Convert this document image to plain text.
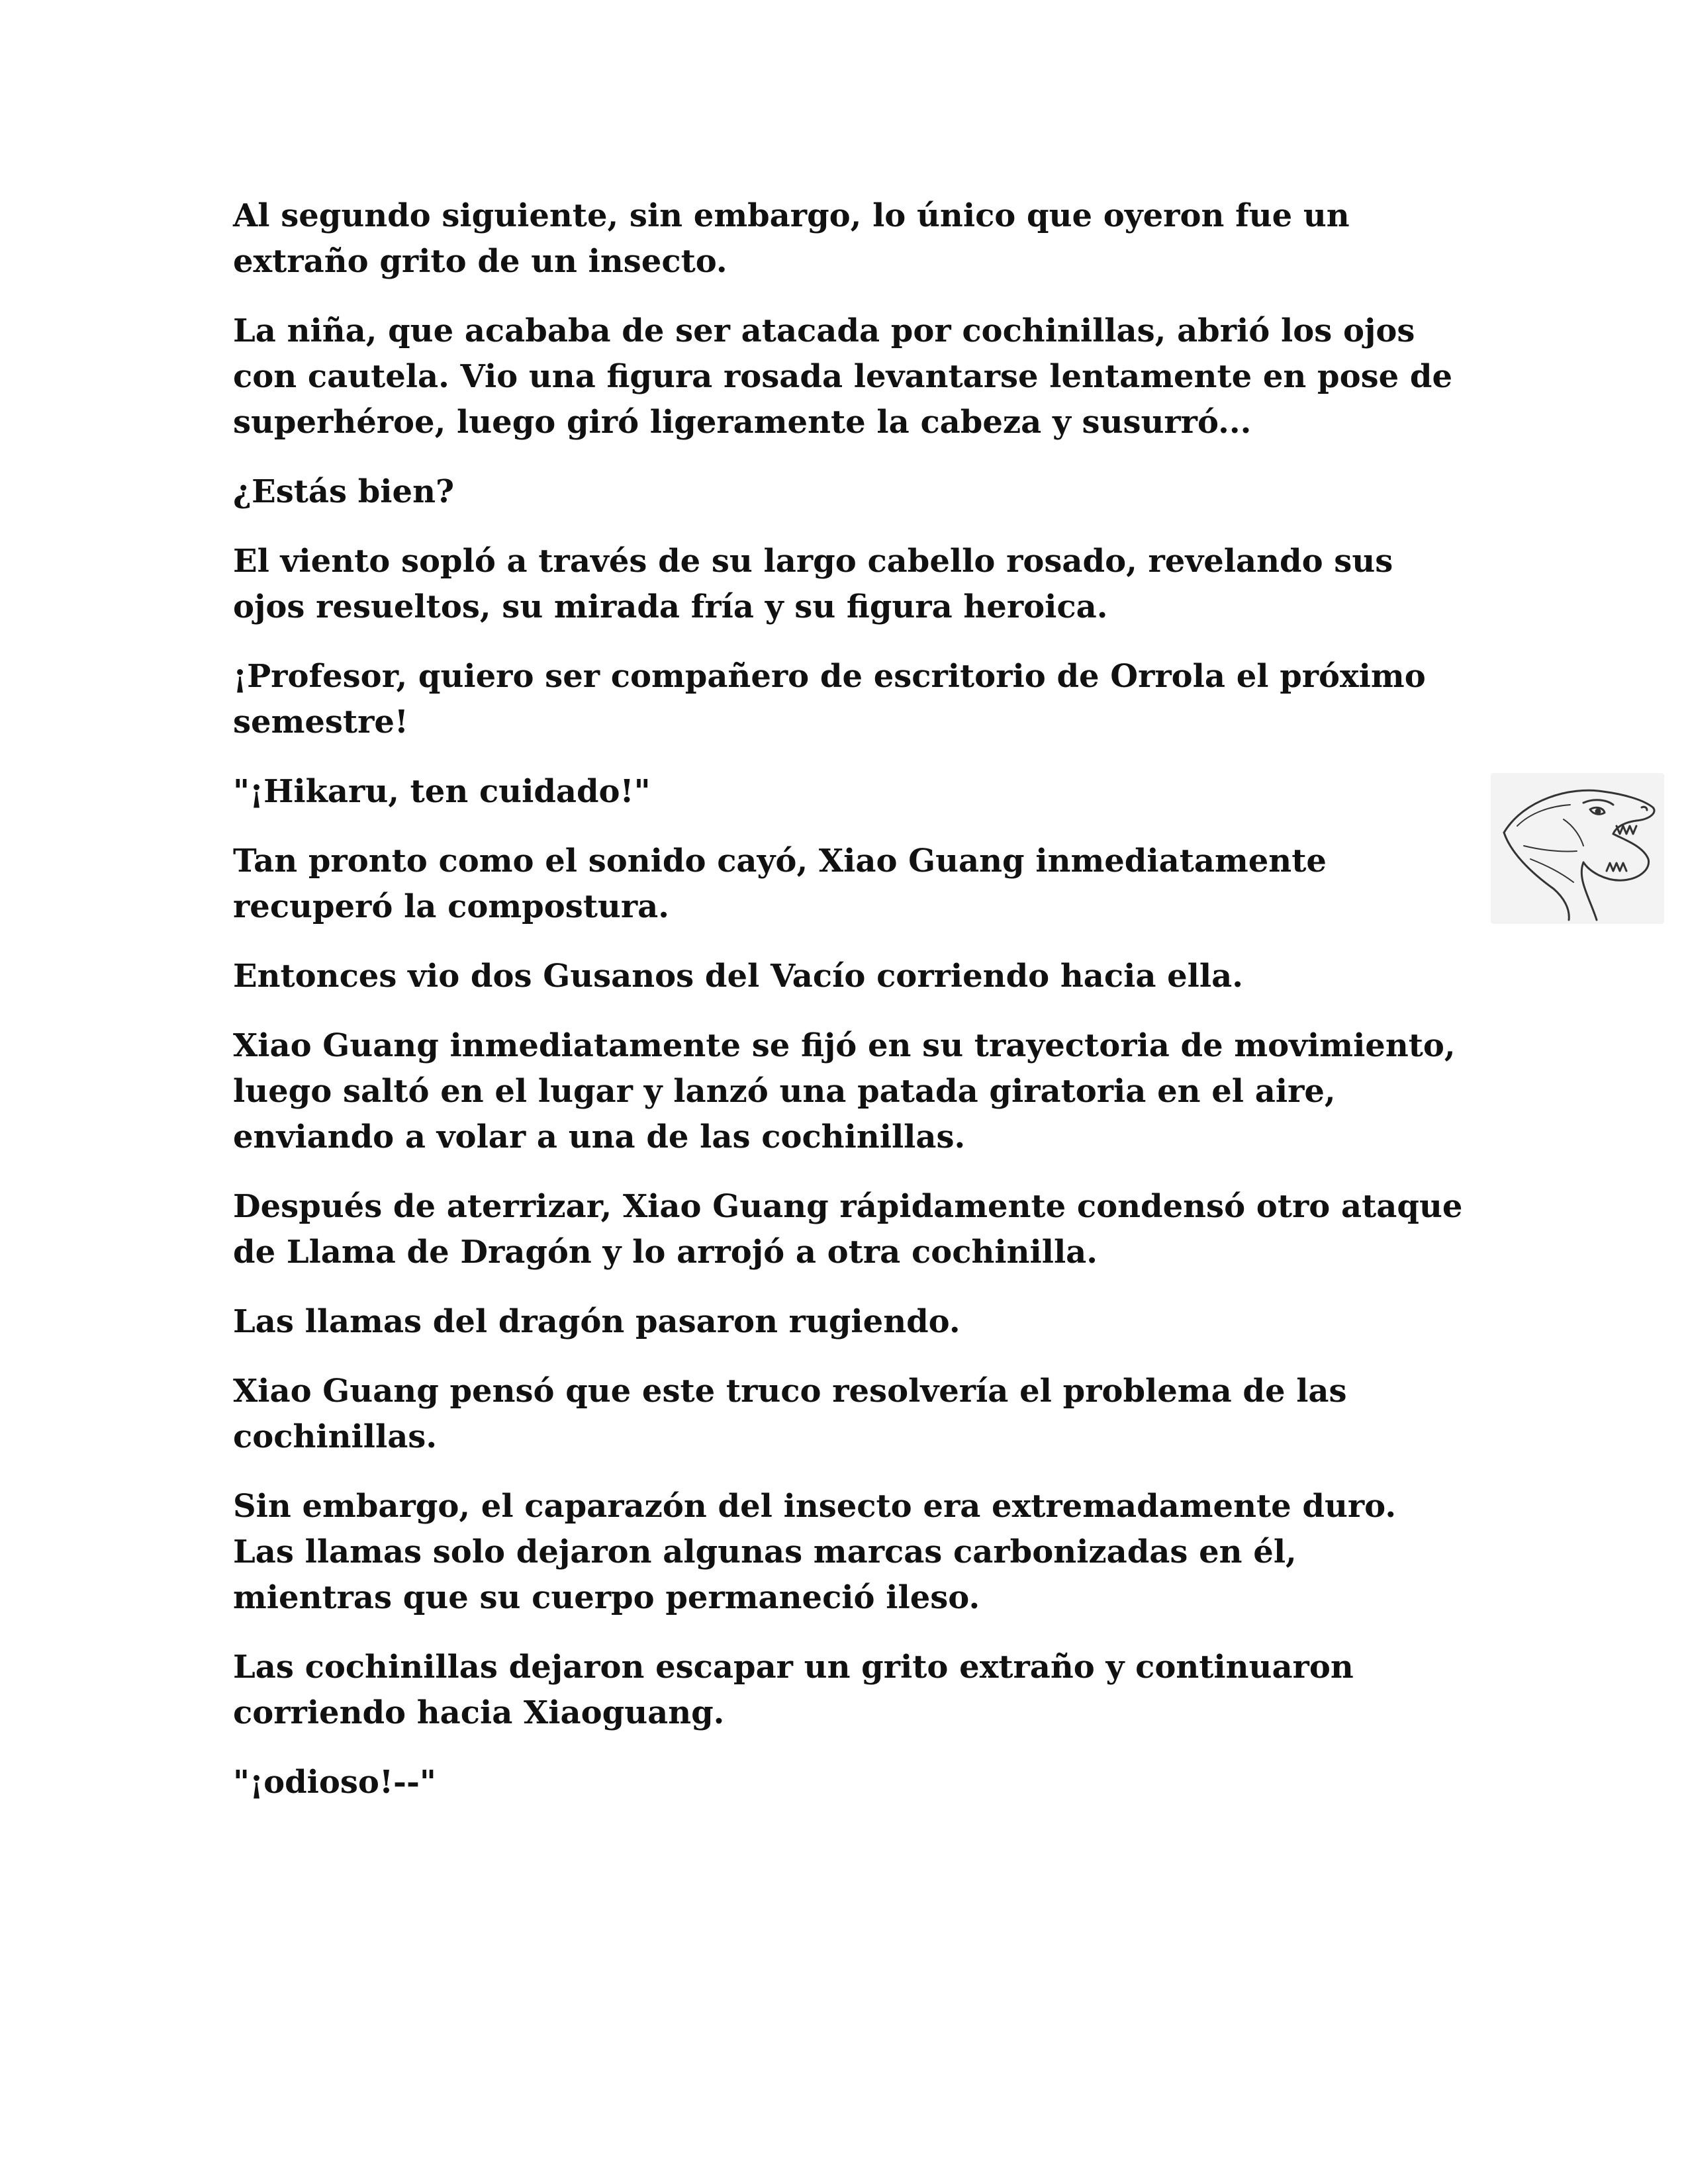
Al segundo siguiente, sin embargo, lo único que oyeron fue un extraño grito de un insecto.

La niña, que acababa de ser atacada por cochinillas, abrió los ojos con cautela. Vio una figura rosada levantarse lentamente en pose de superhéroe, luego giró ligeramente la cabeza y susurró...

¿Estás bien?

El viento sopló a través de su largo cabello rosado, revelando sus ojos resueltos, su mirada fría y su figura heroica.

¡Profesor, quiero ser compañero de escritorio de Orrola el próximo semestre!

"¡Hikaru, ten cuidado!"

Tan pronto como el sonido cayó, Xiao Guang inmediatamente recuperó la compostura.

Entonces vio dos Gusanos del Vacío corriendo hacia ella.

Xiao Guang inmediatamente se fijó en su trayectoria de movimiento, luego saltó en el lugar y lanzó una patada giratoria en el aire, enviando a volar a una de las cochinillas.

Después de aterrizar, Xiao Guang rápidamente condensó otro ataque de Llama de Dragón y lo arrojó a otra cochinilla.

Las llamas del dragón pasaron rugiendo.

Xiao Guang pensó que este truco resolvería el problema de las cochinillas.

Sin embargo, el caparazón del insecto era extremadamente duro. Las llamas solo dejaron algunas marcas carbonizadas en él, mientras que su cuerpo permaneció ileso.

Las cochinillas dejaron escapar un grito extraño y continuaron corriendo hacia Xiaoguang.

"¡odioso!--"
